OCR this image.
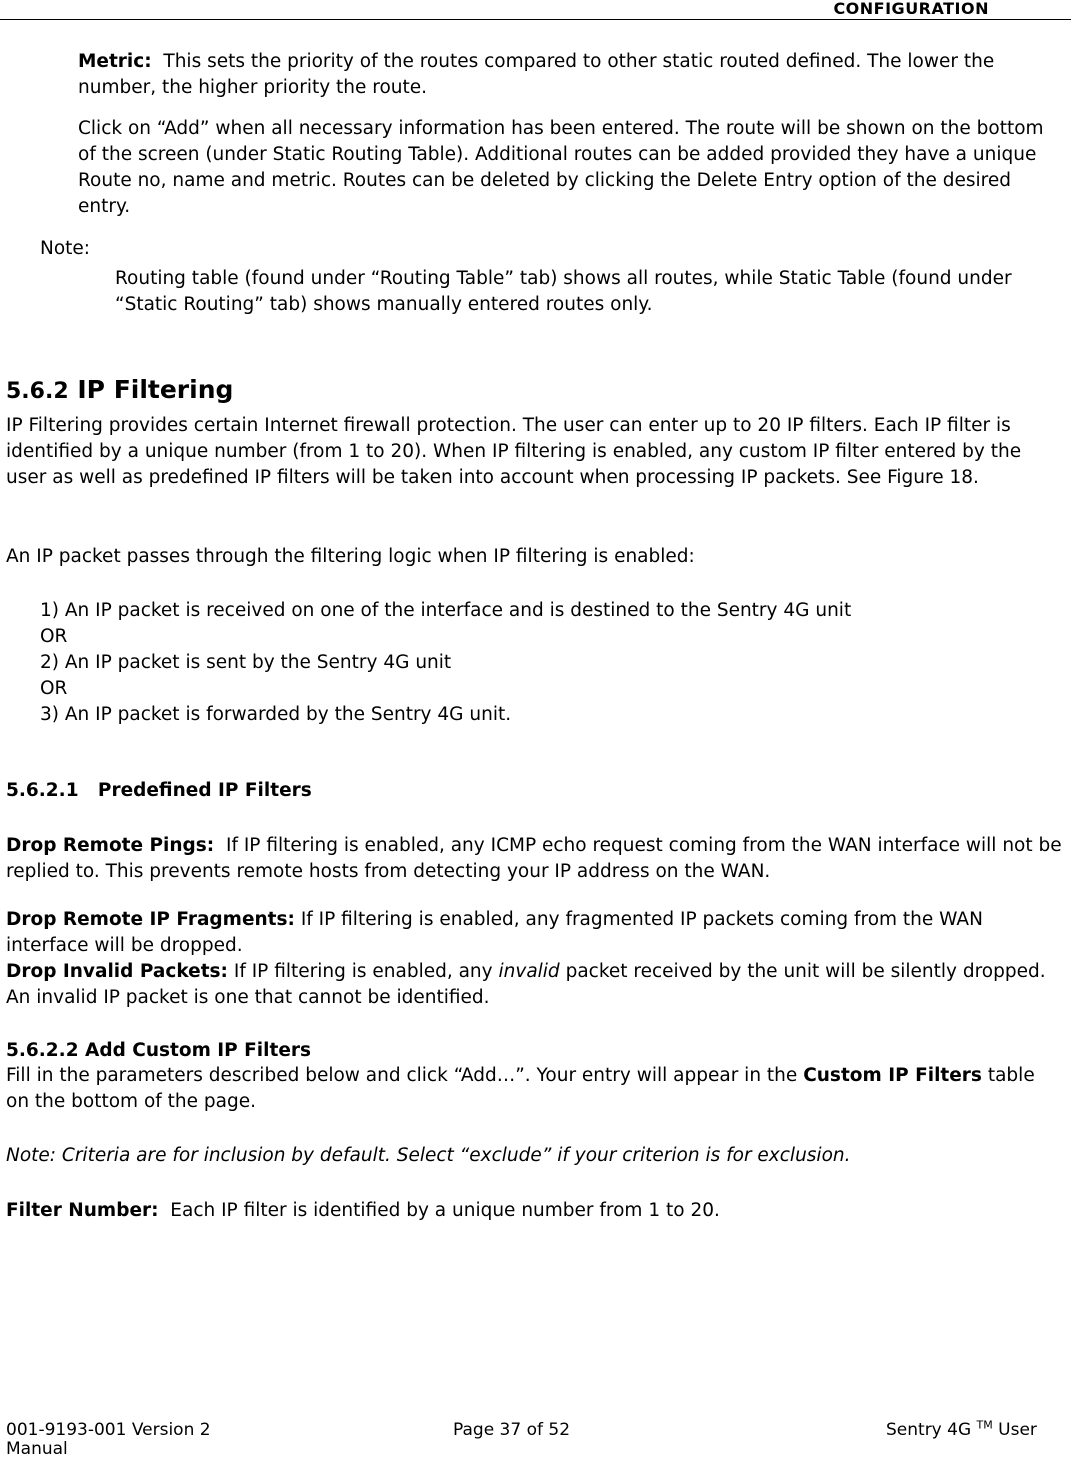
CONFIGURATION

Metric: This sets the priority of the routes compared to other static routed defined. The lower the number, the higher priority the route.

Click on “Add” when all necessary information has been entered. The route will be shown on the bottom of the screen (under Static Routing Table). Additional routes can be added provided they have a unique Route no, name and metric. Routes can be deleted by clicking the Delete Entry option of the desired entry.

Note:

Routing table (found under “Routing Table” tab) shows all routes, while Static Table (found under “Static Routing” tab) shows manually entered routes only.

5.6.2 IP Filtering

IP Filtering provides certain Internet firewall protection. The user can enter up to 20 IP filters. Each IP filter is identified by a unique number (from 1 to 20). When IP filtering is enabled, any custom IP filter entered by the user as well as predefined IP filters will be taken into account when processing IP packets. See Figure 18.

An IP packet passes through the filtering logic when IP filtering is enabled:

1) An IP packet is received on one of the interface and is destined to the Sentry 4G unit
OR
2) An IP packet is sent by the Sentry 4G unit
OR
3) An IP packet is forwarded by the Sentry 4G unit.
5.6.2.1 Predefined IP Filters

Drop Remote Pings: If IP filtering is enabled, any ICMP echo request coming from the WAN interface will not be replied to. This prevents remote hosts from detecting your IP address on the WAN.

Drop Remote IP Fragments: If IP filtering is enabled, any fragmented IP packets coming from the WAN interface will be dropped.

Drop Invalid Packets: If IP filtering is enabled, any invalid packet received by the unit will be silently dropped. An invalid IP packet is one that cannot be identified.

5.6.2.2 Add Custom IP Filters

Fill in the parameters described below and click “Add…”. Your entry will appear in the Custom IP Filters table on the bottom of the page.

Note: Criteria are for inclusion by default. Select “exclude” if your criterion is for exclusion.

Filter Number: Each IP filter is identified by a unique number from 1 to 20.

001-9193-001 Version 2	Page 37 of 52	Sentry 4G ™ User
Manual
